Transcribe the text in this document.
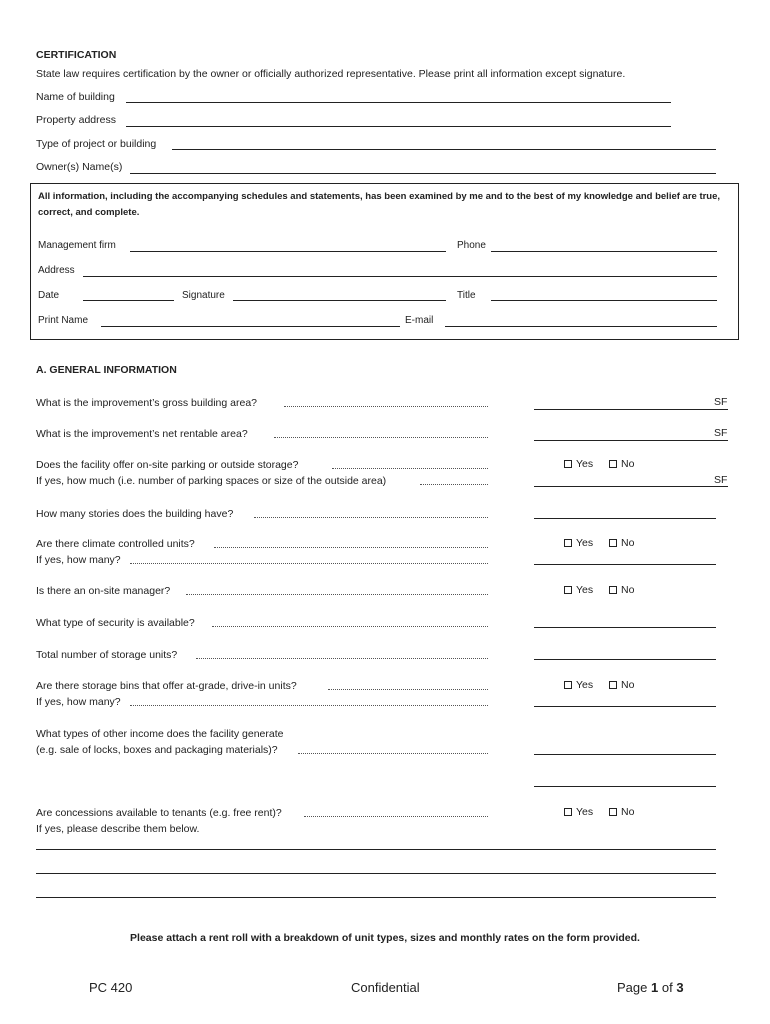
CERTIFICATION
State law requires certification by the owner or officially authorized representative. Please print all information except signature.
Name of building
Property address
Type of project or building
Owner(s) Name(s)
All information, including the accompanying schedules and statements, has been examined by me and to the best of my knowledge and belief are true, correct, and complete.
Management firm	Phone
Address
Date	Signature	Title
Print Name	E-mail
A. GENERAL INFORMATION
What is the improvement’s gross building area?	SF
What is the improvement’s net rentable area?	SF
Does the facility offer on-site parking or outside storage?	Yes	No
If yes, how much (i.e. number of parking spaces or size of the outside area)	SF
How many stories does the building have?
Are there climate controlled units?	Yes	No
If yes, how many?
Is there an on-site manager?	Yes	No
What type of security is available?
Total number of storage units?
Are there storage bins that offer at-grade, drive-in units?	Yes	No
If yes, how many?
What types of other income does the facility generate
(e.g. sale of locks, boxes and packaging materials)?
Are concessions available to tenants (e.g. free rent)?	Yes	No
If yes, please describe them below.
Please attach a rent roll with a breakdown of unit types, sizes and monthly rates on the form provided.
PC 420	Confidential	Page 1 of 3
